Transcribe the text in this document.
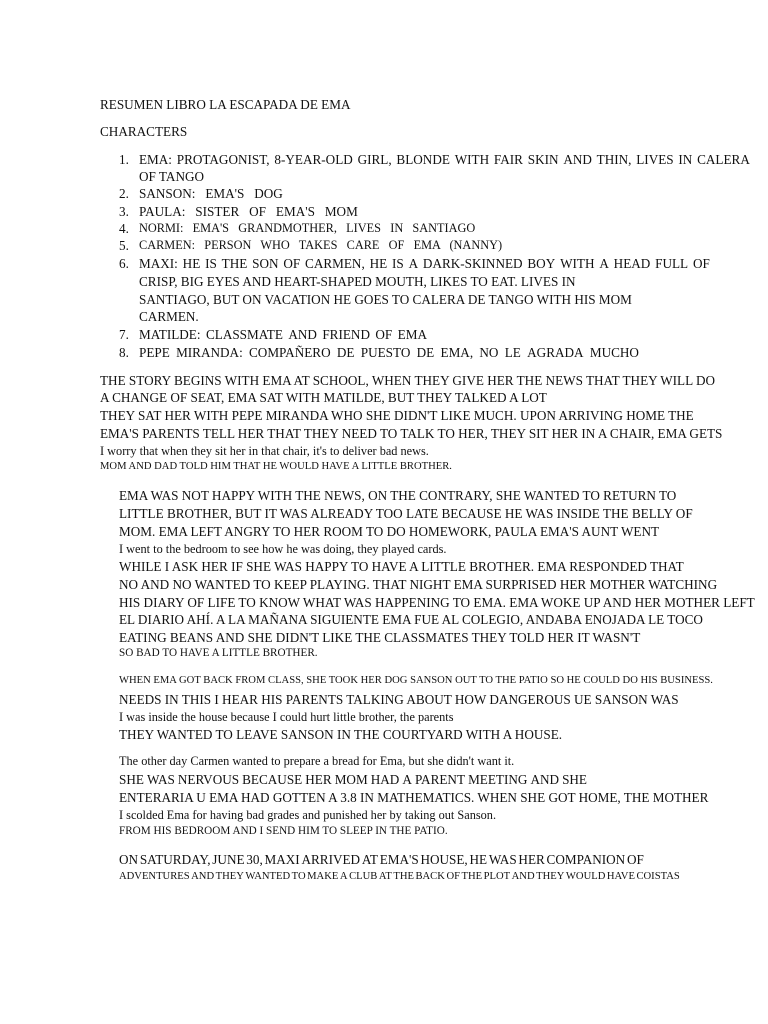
RESUMEN LIBRO LA ESCAPADA DE EMA
CHARACTERS
1. EMA: PROTAGONIST, 8-YEAR-OLD GIRL, BLONDE WITH FAIR SKIN AND THIN, LIVES IN CALERA
OF TANGO
2. SANSON:   EMA'S   DOG
3. PAULA:   SISTER   OF   EMA'S   MOM
4. NORMI:   EMA'S   GRANDMOTHER,   LIVES   IN   SANTIAGO
5. CARMEN:   PERSON   WHO   TAKES   CARE   OF   EMA   (NANNY)
6. MAXI: HE IS THE SON OF CARMEN, HE IS A DARK-SKINNED BOY WITH A HEAD FULL OF
CRISP, BIG EYES AND HEART-SHAPED MOUTH, LIKES TO EAT. LIVES IN
SANTIAGO, BUT ON VACATION HE GOES TO CALERA DE TANGO WITH HIS MOM
CARMEN.
7. MATILDE: CLASSMATE AND FRIEND OF EMA
8. PEPE MIRANDA: COMPAÑERO DE PUESTO DE EMA, NO LE AGRADA MUCHO
THE STORY BEGINS WITH EMA AT SCHOOL, WHEN THEY GIVE HER THE NEWS THAT THEY WILL DO
A CHANGE OF SEAT, EMA SAT WITH MATILDE, BUT THEY TALKED A LOT
THEY SAT HER WITH PEPE MIRANDA WHO SHE DIDN'T LIKE MUCH. UPON ARRIVING HOME THE
EMA'S PARENTS TELL HER THAT THEY NEED TO TALK TO HER, THEY SIT HER IN A CHAIR, EMA GETS
I worry that when they sit her in that chair, it's to deliver bad news.
MOM AND DAD TOLD HIM THAT HE WOULD HAVE A LITTLE BROTHER.
EMA WAS NOT HAPPY WITH THE NEWS, ON THE CONTRARY, SHE WANTED TO RETURN TO
LITTLE BROTHER, BUT IT WAS ALREADY TOO LATE BECAUSE HE WAS INSIDE THE BELLY OF
MOM. EMA LEFT ANGRY TO HER ROOM TO DO HOMEWORK, PAULA EMA'S AUNT WENT
I went to the bedroom to see how he was doing, they played cards.
WHILE I ASK HER IF SHE WAS HAPPY TO HAVE A LITTLE BROTHER. EMA RESPONDED THAT
NO AND NO WANTED TO KEEP PLAYING. THAT NIGHT EMA SURPRISED HER MOTHER WATCHING
HIS DIARY OF LIFE TO KNOW WHAT WAS HAPPENING TO EMA. EMA WOKE UP AND HER MOTHER LEFT
EL DIARIO AHÍ. A LA MAÑANA SIGUIENTE EMA FUE AL COLEGIO, ANDABA ENOJADA LE TOCO
EATING BEANS AND SHE DIDN'T LIKE THE CLASSMATES THEY TOLD HER IT WASN'T
SO BAD TO HAVE A LITTLE BROTHER.
WHEN EMA GOT BACK FROM CLASS, SHE TOOK HER DOG SANSON OUT TO THE PATIO SO HE COULD DO HIS BUSINESS.
NEEDS IN THIS I HEAR HIS PARENTS TALKING ABOUT HOW DANGEROUS UE SANSON WAS
I was inside the house because I could hurt little brother, the parents
THEY WANTED TO LEAVE SANSON IN THE COURTYARD WITH A HOUSE.
The other day Carmen wanted to prepare a bread for Ema, but she didn't want it.
SHE WAS NERVOUS BECAUSE HER MOM HAD A PARENT MEETING AND SHE
ENTERARIA U EMA HAD GOTTEN A 3.8 IN MATHEMATICS. WHEN SHE GOT HOME, THE MOTHER
I scolded Ema for having bad grades and punished her by taking out Sanson.
FROM HIS BEDROOM AND I SEND HIM TO SLEEP IN THE PATIO.
ON SATURDAY, JUNE 30, MAXI ARRIVED AT EMA'S HOUSE, HE WAS HER COMPANION OF
ADVENTURES AND THEY WANTED TO MAKE A CLUB AT THE BACK OF THE PLOT AND THEY WOULD HAVE COISTAS
